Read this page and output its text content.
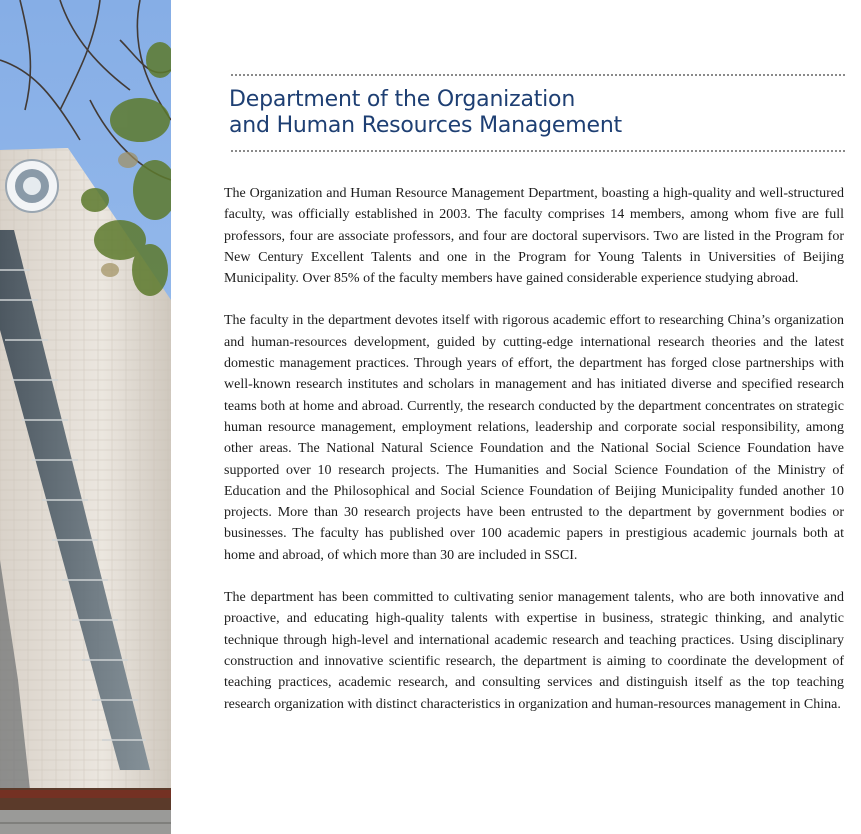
Department of the Organization
and Human Resources Management

The Organization and Human Resource Management Department, boasting a high-quality and well-structured faculty, was officially established in 2003. The faculty comprises 14 members, among whom five are full professors, four are associate professors, and four are doctoral supervisors. Two are listed in the Program for New Century Excellent Talents and one in the Program for Young Talents in Universities of Beijing Municipality. Over 85% of the faculty members have gained considerable experience studying abroad.

The faculty in the department devotes itself with rigorous academic effort to researching China’s organization and human-resources development, guided by cutting-edge international research theories and the latest domestic management practices. Through years of effort, the department has forged close partnerships with well-known research institutes and scholars in management and has initiated diverse and specified research teams both at home and abroad. Currently, the research conducted by the department concentrates on strategic human resource management, employment relations, leadership and corporate social responsibility, among other areas. The National Natural Science Foundation and the National Social Science Foundation have supported over 10 research projects. The Humanities and Social Science Foundation of the Ministry of Education and the Philosophical and Social Science Foundation of Beijing Municipality funded another 10 projects. More than 30 research projects have been entrusted to the department by government bodies or businesses. The faculty has published over 100 academic papers in prestigious academic journals both at home and abroad, of which more than 30 are included in SSCI.

The department has been committed to cultivating senior management talents, who are both innovative and proactive, and educating high-quality talents with expertise in business, strategic thinking, and analytic technique through high-level and international academic research and teaching practices. Using disciplinary construction and innovative scientific research, the department is aiming to coordinate the development of teaching practices, academic research, and consulting services and distinguish itself as the top teaching research organization with distinct characteristics in organization and human-resources management in China.
